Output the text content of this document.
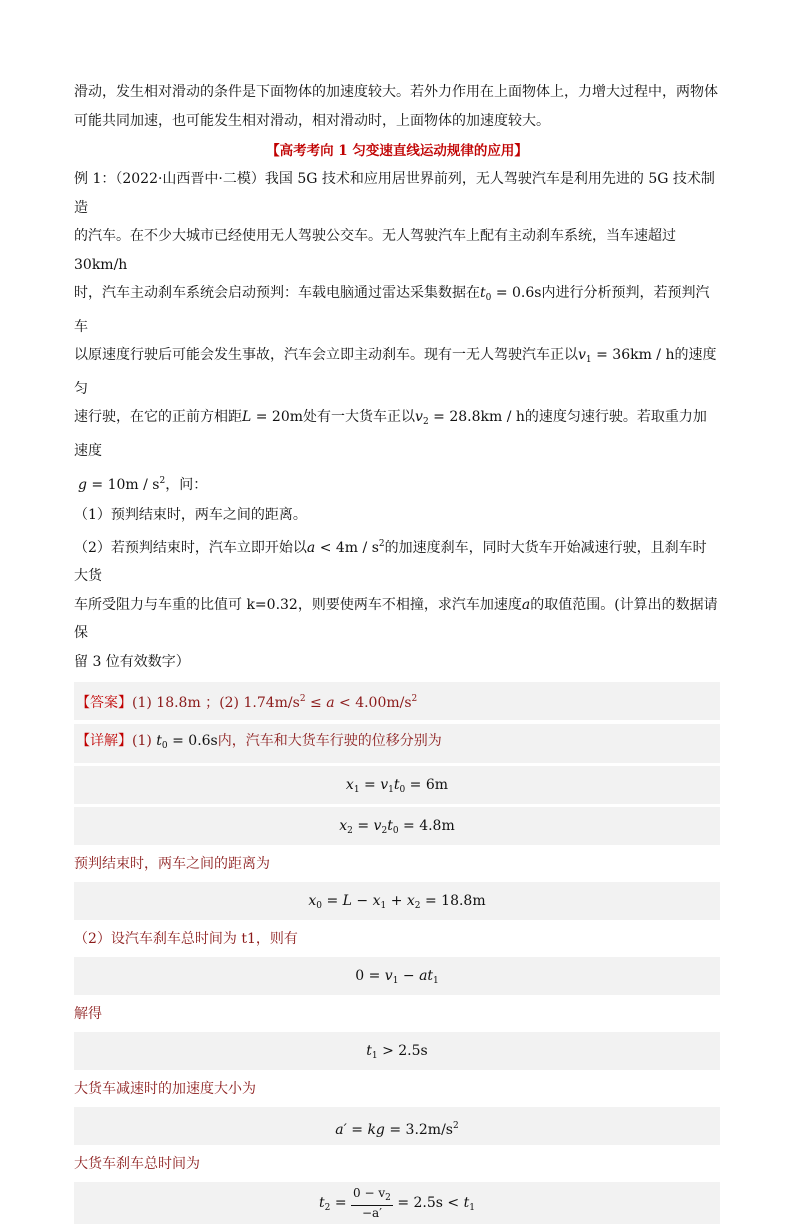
滑动，发生相对滑动的条件是下面物体的加速度较大。若外力作用在上面物体上，力增大过程中，两物体

可能共同加速，也可能发生相对滑动，相对滑动时，上面物体的加速度较大。

【高考考向 1 匀变速直线运动规律的应用】

例 1：（2022·山西晋中·二模）我国 5G 技术和应用居世界前列，无人驾驶汽车是利用先进的 5G 技术制造

的汽车。在不少大城市已经使用无人驾驶公交车。无人驾驶汽车上配有主动刹车系统，当车速超过 30km/h

时，汽车主动刹车系统会启动预判：车载电脑通过雷达采集数据在$t_0 = 0.6s$内进行分析预判，若预判汽车

以原速度行驶后可能会发生事故，汽车会立即主动刹车。现有一无人驾驶汽车正以$v_1 = 36km / h$的速度匀

速行驶，在它的正前方相距L = 20m处有一大货车正以$v_2 = 28.8km / h$的速度匀速行驶。若取重力加速度

$g = 10m / s^2$，问：

（1）预判结束时，两车之间的距离。

（2）若预判结束时，汽车立即开始以$a < 4m / s^2$的加速度刹车，同时大货车开始减速行驶，且刹车时大货

车所受阻力与车重的比值可 k=0.32，则要使两车不相撞，求汽车加速度a的取值范围。(计算出的数据请保

留 3 位有效数字）

【答案】(1) 18.8m ；(2) $1.74m/s^2 \le a < 4.00m/s^2$

【详解】(1) $t_0 = 0.6s$内，汽车和大货车行驶的位移分别为

$x_1 = v_1t_0 = 6m$
$x_2 = v_2t_0 = 4.8m$

预判结束时，两车之间的距离为

$x_0 = L - x_1 + x_2 = 18.8m$

（2）设汽车刹车总时间为 t1，则有

$0 = v_1 - at_1$

解得

$t_1 > 2.5s$

大货车减速时的加速度大小为

a′ = kg = $3.2m/s^2$

大货车刹车总时间为

$t_2 = \frac{0 - v_2}{-a'} = 2.5s < t_1$
